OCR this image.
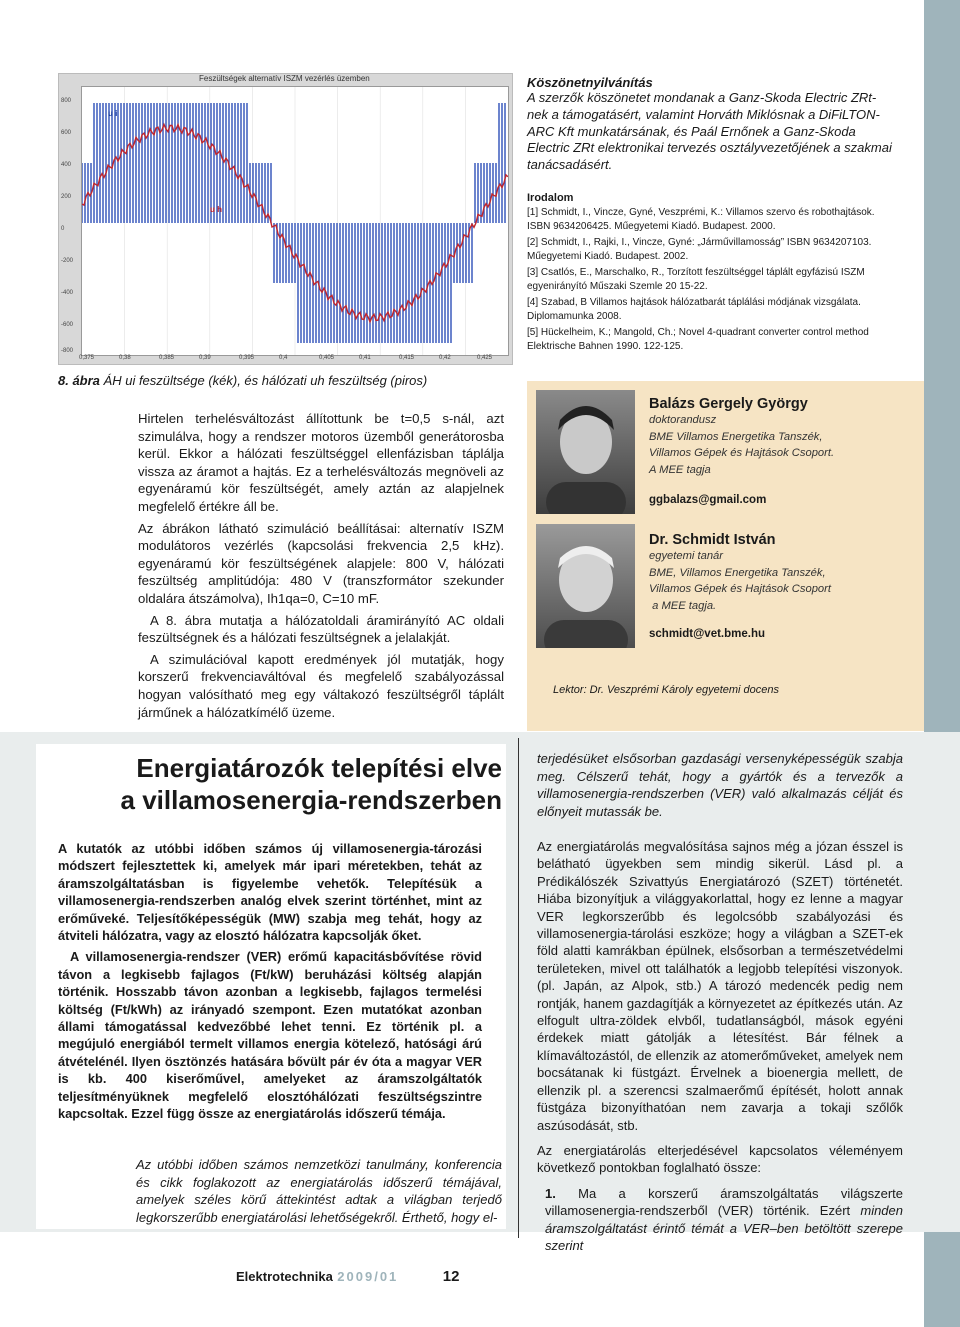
Feszültségek alternatív ISZM vezérlés üzemben
800
600
400
200
0
-200
-400
-600
-800
u i
u h
0,375	0,38	0,385	0,39	0,395	0,4	0,405	0,41	0,415	0,42	0,425
8. ábra ÁH ui feszültsége (kék), és hálózati uh feszültség (piros)

Hirtelen terhelésváltozást állítottunk be t=0,5 s-nál, azt szimulálva, hogy a rendszer motoros üzemből generátorosba kerül. Ekkor a hálózati feszültséggel ellenfázisban táplálja vissza az áramot a hajtás. Ez a terhelésváltozás megnöveli az egyenáramú kör feszültségét, amely aztán az alapjelnek megfelelő értékre áll be.

Az ábrákon látható szimuláció beállításai: alternatív ISZM modulátoros vezérlés (kapcsolási frekvencia 2,5 kHz). egyenáramú kör feszültségének alapjele: 800 V, hálózati feszültség amplitúdója: 480 V (transzformátor szekunder oldalára átszámolva), Ih1qa=0, C=10 mF.

A 8. ábra mutatja a hálózatoldali áramirányító AC oldali feszültségnek és a hálózati feszültségnek a jelalakját.

A szimulációval kapott eredmények jól mutatják, hogy korszerű frekvenciaváltóval és megfelelő szabályozással hogyan valósítható meg egy váltakozó feszültségről táplált járműnek a hálózatkímélő üzeme.

Köszönetnyilvánítás
A szerzők köszönetet mondanak a Ganz-Skoda Electric ZRt-nek a támogatásért, valamint Horváth Miklósnak a DiFiLTON-ARC Kft munkatársának, és Paál Ernőnek a Ganz-Skoda Electric ZRt elektronikai tervezés osztályvezetőjének a szakmai tanácsadásért.
Irodalom

[1] Schmidt, I., Vincze, Gyné, Veszprémi, K.: Villamos szervo és robothajtások. ISBN 9634206425. Műegyetemi Kiadó. Budapest. 2000.

[2] Schmidt, I., Rajki, I., Vincze, Gyné: „Járművillamosság” ISBN 9634207103. Műegyetemi Kiadó. Budapest. 2002.

[3] Csatlós, E., Marschalko, R., Torzított feszültséggel táplált egyfázisú ISZM egyenirányító Műszaki Szemle 20 15-22.

[4] Szabad, B Villamos hajtások hálózatbarát táplálási módjának vizsgálata. Diplomamunka 2008.

[5] Hückelheim, K.; Mangold, Ch.; Novel 4-quadrant converter control method Elektrische Bahnen 1990. 122-125.

Balázs Gergely György
doktorandusz
BME Villamos Energetika Tanszék,
Villamos Gépek és Hajtások Csoport.
A MEE tagja
ggbalazs@gmail.com
Dr. Schmidt István
egyetemi tanár
BME, Villamos Energetika Tanszék,
Villamos Gépek és Hajtások Csoport
a MEE tagja.
schmidt@vet.bme.hu
Lektor: Dr. Veszprémi Károly egyetemi docens
Energiatározók telepítési elve
a villamosenergia-rendszerben

A kutatók az utóbbi időben számos új villamosenergia-tározási módszert fejlesztettek ki, amelyek már ipari méretekben, tehát az áramszolgáltatásban is figyelembe vehetők. Telepítésük a villamosenergia-rendszerben analóg elvek szerint történhet, mint az erőműveké. Teljesítőképességük (MW) szabja meg tehát, hogy az átviteli hálózatra, vagy az elosztó hálózatra kapcsolják őket.

A villamosenergia-rendszer (VER) erőmű kapacitásbővítése rövid távon a legkisebb fajlagos (Ft/kW) beruházási költség alapján történik. Hosszabb távon azonban a legkisebb, fajlagos termelési költség (Ft/kWh) az irányadó szempont. Ezen mutatókat azonban állami támogatással kedvezőbbé lehet tenni. Ez történik pl. a megújuló energiából termelt villamos energia kötelező, hatósági árú átvételénél. Ilyen ösztönzés hatására bővült pár év óta a magyar VER is kb. 400 kiserőművel, amelyeket az áramszolgáltatók teljesítményüknek megfelelő elosztóhálózati feszültségszintre kapcsoltak. Ezzel függ össze az energiatárolás időszerű témája.

Az utóbbi időben számos nemzetközi tanulmány, konferencia és cikk foglakozott az energiatárolás időszerű témájával, amelyek széles körű áttekintést adtak a világban terjedő legkorszerűbb energiatárolási lehetőségekről. Érthető, hogy el-
terjedésüket elsősorban gazdasági versenyképességük szabja meg. Célszerű tehát, hogy a gyártók és a tervezők a villamosenergia-rendszerben (VER) való alkalmazás célját és előnyeit mutassák be.

Az energiatárolás megvalósítása sajnos még a józan ésszel is belátható ügyekben sem mindig sikerül. Lásd pl. a Prédikálószék Szivattyús Energiatározó (SZET) történetét. Hiába bizonyítjuk a világgyakorlattal, hogy ez lenne a magyar VER legkorszerűbb és legolcsóbb szabályozási és villamosenergia-tárolási eszköze; hogy a világban a SZET-ek föld alatti kamrákban épülnek, elsősorban a természetvédelmi területeken, mivel ott találhatók a legjobb telepítési viszonyok. (pl. Japán, az Alpok, stb.) A tározó medencék pedig nem rontják, hanem gazdagítják a környezetet az építkezés után. Az elfogult ultra-zöldek elvből, tudatlanságból, mások egyéni érdekek miatt gátolják a létesítést. Bár félnek a klímaváltozástól, de ellenzik az atomerőműveket, amelyek nem bocsátanak ki füstgázt. Érvelnek a bioenergia mellett, de ellenzik pl. a szerencsi szalmaerőmű építését, holott annak füstgáza bizonyíthatóan nem zavarja a tokaji szőlők aszúsodását, stb.

Az energiatárolás elterjedésével kapcsolatos véleményem következő pontokban foglalható össze:

1. Ma a korszerű áramszolgáltatás világszerte villamosenergia-rendszerből (VER) történik. Ezért minden áramszolgáltatást érintő témát a VER–ben betöltött szerepe szerint

Elektrotechnika 2009/01	12
